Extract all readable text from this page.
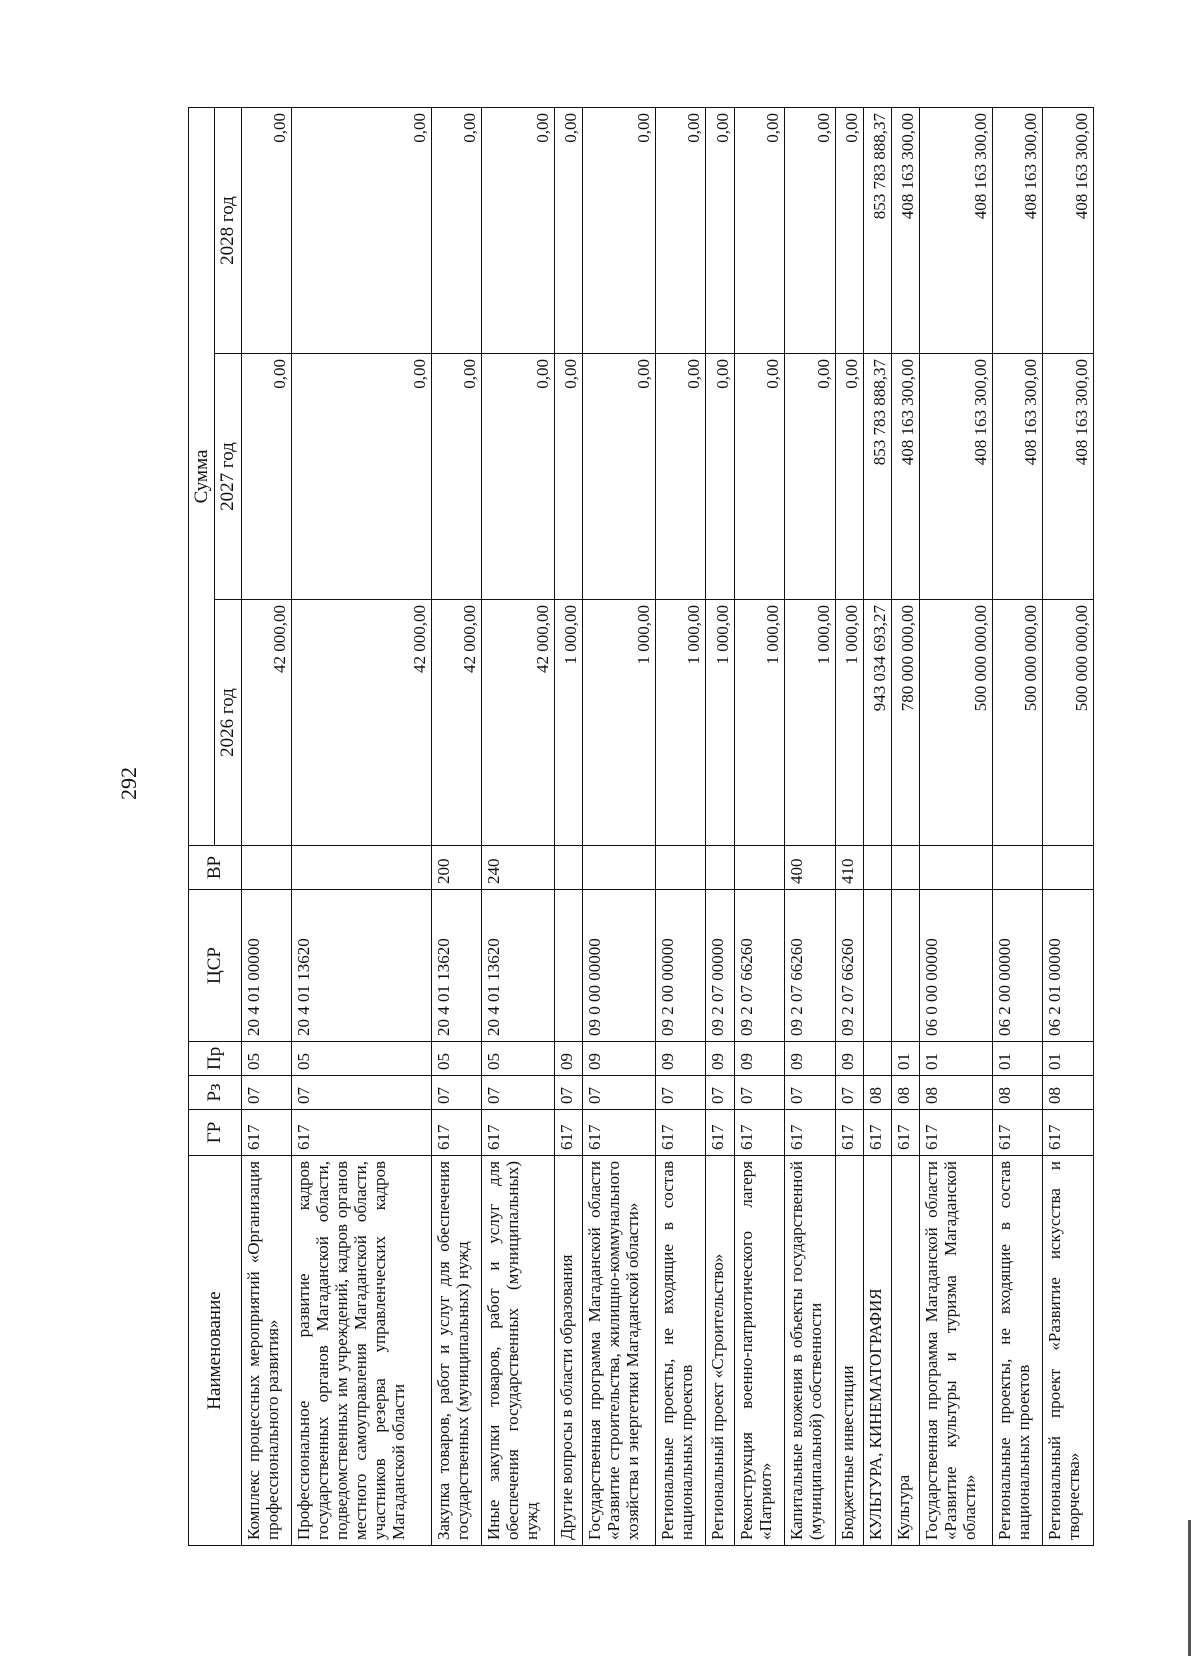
292
Наименование	ГР	Рз	Пр	ЦСР	ВР	Сумма		
						2026 год	2027 год	2028 год
Комплекс процессных мероприятий «Организация профессионального развития»	617	07	05	20 4 01 00000		42 000,00	0,00	0,00
Профессиональное развитие кадров государственных органов Магаданской области, подведомственных им учреждений, кадров органов местного самоуправления Магаданской области, участников резерва управленческих кадров Магаданской области	617	07	05	20 4 01 13620		42 000,00	0,00	0,00
Закупка товаров, работ и услуг для обеспечения государственных (муниципальных) нужд	617	07	05	20 4 01 13620	200	42 000,00	0,00	0,00
Иные закупки товаров, работ и услуг для обеспечения государственных (муниципальных) нужд	617	07	05	20 4 01 13620	240	42 000,00	0,00	0,00
Другие вопросы в области образования	617	07	09			1 000,00	0,00	0,00
Государственная программа Магаданской области «Развитие строительства, жилищно-коммунального хозяйства и энергетики Магаданской области»	617	07	09	09 0 00 00000		1 000,00	0,00	0,00
Региональные проекты, не входящие в состав национальных проектов	617	07	09	09 2 00 00000		1 000,00	0,00	0,00
Региональный проект «Строительство»	617	07	09	09 2 07 00000		1 000,00	0,00	0,00
Реконструкция военно-патриотического лагеря «Патриот»	617	07	09	09 2 07 66260		1 000,00	0,00	0,00
Капитальные вложения в объекты государственной (муниципальной) собственности	617	07	09	09 2 07 66260	400	1 000,00	0,00	0,00
Бюджетные инвестиции	617	07	09	09 2 07 66260	410	1 000,00	0,00	0,00
КУЛЬТУРА, КИНЕМАТОГРАФИЯ	617	08				943 034 693,27	853 783 888,37	853 783 888,37
Культура	617	08	01			780 000 000,00	408 163 300,00	408 163 300,00
Государственная программа Магаданской области «Развитие культуры и туризма Магаданской области»	617	08	01	06 0 00 00000		500 000 000,00	408 163 300,00	408 163 300,00
Региональные проекты, не входящие в состав национальных проектов	617	08	01	06 2 00 00000		500 000 000,00	408 163 300,00	408 163 300,00
Региональный проект «Развитие искусства и творчества»	617	08	01	06 2 01 00000		500 000 000,00	408 163 300,00	408 163 300,00
